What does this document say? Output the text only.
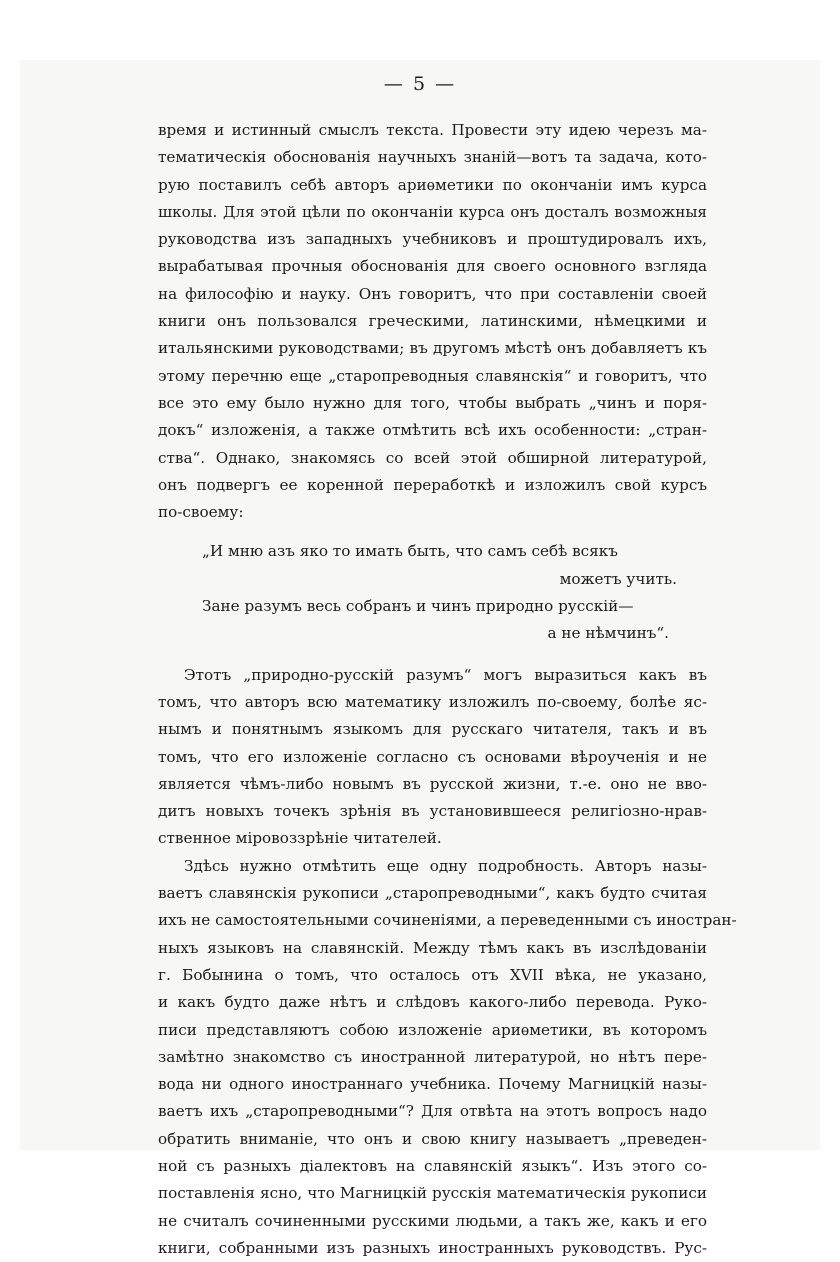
— 5 —
время и истинный смыслъ текста. Провести эту идею черезъ ма-
тематическія обоснованія научныхъ знаній—вотъ та задача, кото-
рую поставилъ себѣ авторъ ариѳметики по окончаніи имъ курса
школы. Для этой цѣли по окончаніи курса онъ досталъ возможныя
руководства изъ западныхъ учебниковъ и проштудировалъ ихъ,
вырабатывая прочныя обоснованія для своего основного взгляда
на философію и науку. Онъ говоритъ, что при составленіи своей
книги онъ пользовался греческими, латинскими, нѣмецкими и
итальянскими руководствами; въ другомъ мѣстѣ онъ добавляетъ къ
этому перечню еще „старопреводныя славянскія“ и говоритъ, что
все это ему было нужно для того, чтобы выбрать „чинъ и поря-
докъ“ изложенія, а также отмѣтить всѣ ихъ особенности: „стран-
ства“. Однако, знакомясь со всей этой обширной литературой,
онъ подвергъ ее коренной переработкѣ и изложилъ свой курсъ
по-своему:
„И мню азъ яко то имать быть, что самъ себѣ всякъ
можетъ учить.
Зане разумъ весь собранъ и чинъ природно русскій—
а не нѣмчинъ“.
Этотъ „природно-русскій разумъ“ могъ выразиться какъ въ
томъ, что авторъ всю математику изложилъ по-своему, болѣе яс-
нымъ и понятнымъ языкомъ для русскаго читателя, такъ и въ
томъ, что его изложеніе согласно съ основами вѣроученія и не
является чѣмъ-либо новымъ въ русской жизни, т.-е. оно не вво-
дитъ новыхъ точекъ зрѣнія въ установившееся религіозно-нрав-
ственное міровоззрѣніе читателей.
Здѣсь нужно отмѣтить еще одну подробность. Авторъ назы-
ваетъ славянскія рукописи „старопреводными“, какъ будто считая
ихъ не самостоятельными сочиненіями, а переведенными съ иностран-
ныхъ языковъ на славянскій. Между тѣмъ какъ въ изслѣдованіи
г. Бобынина о томъ, что осталось отъ XVII вѣка, не указано,
и какъ будто даже нѣтъ и слѣдовъ какого-либо перевода. Руко-
писи представляютъ собою изложеніе ариѳметики, въ которомъ
замѣтно знакомство съ иностранной литературой, но нѣтъ пере-
вода ни одного иностраннаго учебника. Почему Магницкій назы-
ваетъ ихъ „старопреводными“? Для отвѣта на этотъ вопросъ надо
обратить вниманіе, что онъ и свою книгу называетъ „преведен-
ной съ разныхъ діалектовъ на славянскій языкъ“. Изъ этого со-
поставленія ясно, что Магницкій русскія математическія рукописи
не считалъ сочиненными русскими людьми, а такъ же, какъ и его
книги, собранными изъ разныхъ иностранныхъ руководствъ. Рус-
